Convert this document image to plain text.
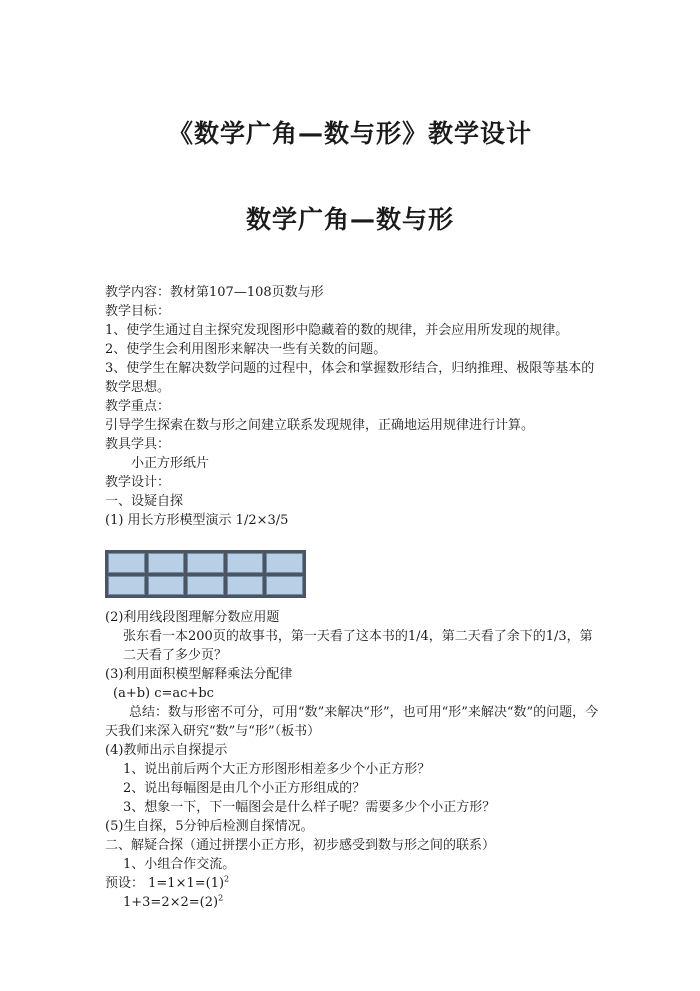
《数学广角—数与形》教学设计
数学广角—数与形
教学内容：教材第107—108页数与形
教学目标：
1、使学生通过自主探究发现图形中隐藏着的数的规律，并会应用所发现的规律。
2、使学生会利用图形来解决一些有关数的问题。
3、使学生在解决数学问题的过程中，体会和掌握数形结合，归纳推理、极限等基本的数学思想。
教学重点：
引导学生探索在数与形之间建立联系发现规律，正确地运用规律进行计算。
教具学具：
小正方形纸片
教学设计：
一、设疑自探
(1) 用长方形模型演示 1/2×3/5
(2)利用线段图理解分数应用题
张东看一本200页的故事书，第一天看了这本书的1/4，第二天看了余下的1/3，第二天看了多少页？
(3)利用面积模型解释乘法分配律
(a+b) c=ac+bc
总结：数与形密不可分，可用“数”来解决“形”，也可用“形”来解决“数”的问题，今天我们来深入研究“数”与“形”（板书）
(4)教师出示自探提示
1、说出前后两个大正方形图形相差多少个小正方形？
2、说出每幅图是由几个小正方形组成的？
3、想象一下，下一幅图会是什么样子呢？需要多少个小正方形？
(5)生自探，5分钟后检测自探情况。
二、解疑合探（通过拼摆小正方形，初步感受到数与形之间的联系）
1、小组合作交流。
预设： $1=1\times 1=(1)^2$
$1+3=2\times 2=(2)^2$
